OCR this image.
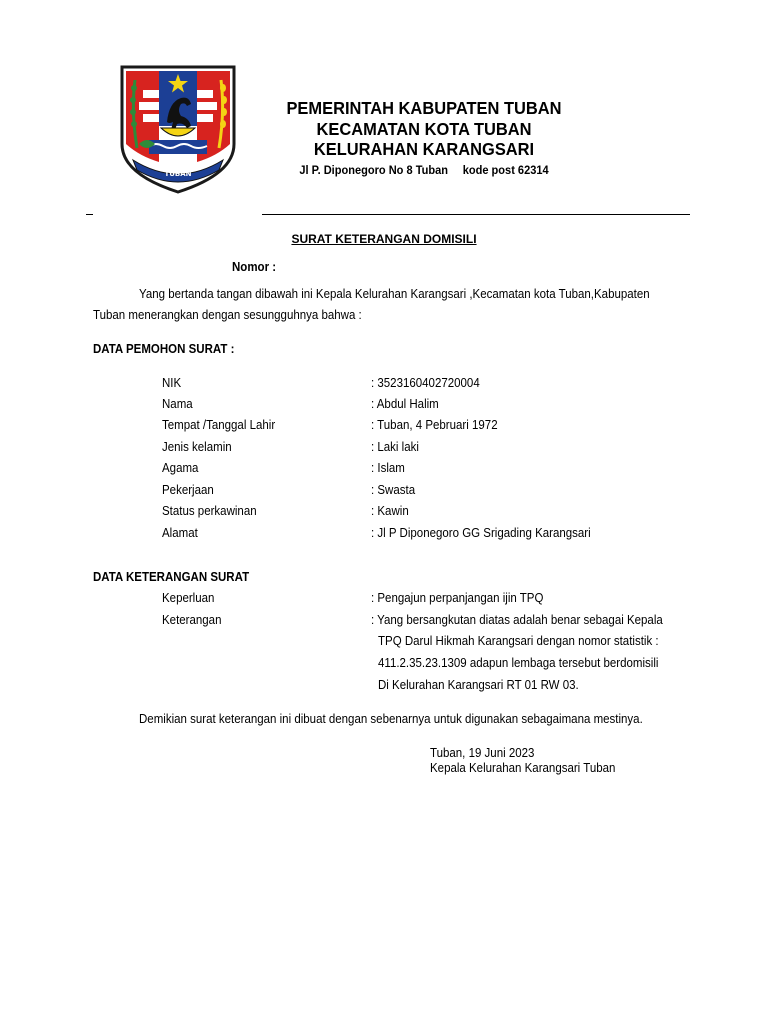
TUBAN
PEMERINTAH KABUPATEN TUBAN
KECAMATAN KOTA TUBAN
KELURAHAN KARANGSARI
Jl P. Diponegoro No 8 Tuban kode post 62314
SURAT KETERANGAN DOMISILI
Nomor :
Yang bertanda tangan dibawah ini Kepala Kelurahan Karangsari ,Kecamatan kota Tuban,Kabupaten
Tuban menerangkan dengan sesungguhnya bahwa :
DATA PEMOHON SURAT :
NIK	: 3523160402720004
Nama	: Abdul Halim
Tempat /Tanggal Lahir	: Tuban, 4 Pebruari 1972
Jenis kelamin	: Laki laki
Agama	: Islam
Pekerjaan	: Swasta
Status perkawinan	: Kawin
Alamat	: Jl P Diponegoro GG Srigading Karangsari
DATA KETERANGAN SURAT
Keperluan	: Pengajun perpanjangan ijin TPQ
Keterangan	: Yang bersangkutan diatas adalah benar sebagai Kepala
TPQ Darul Hikmah Karangsari dengan nomor statistik :
411.2.35.23.1309 adapun lembaga tersebut berdomisili
Di Kelurahan Karangsari RT 01 RW 03.
Demikian surat keterangan ini dibuat dengan sebenarnya untuk digunakan sebagaimana mestinya.
Tuban, 19 Juni 2023
Kepala Kelurahan Karangsari Tuban
